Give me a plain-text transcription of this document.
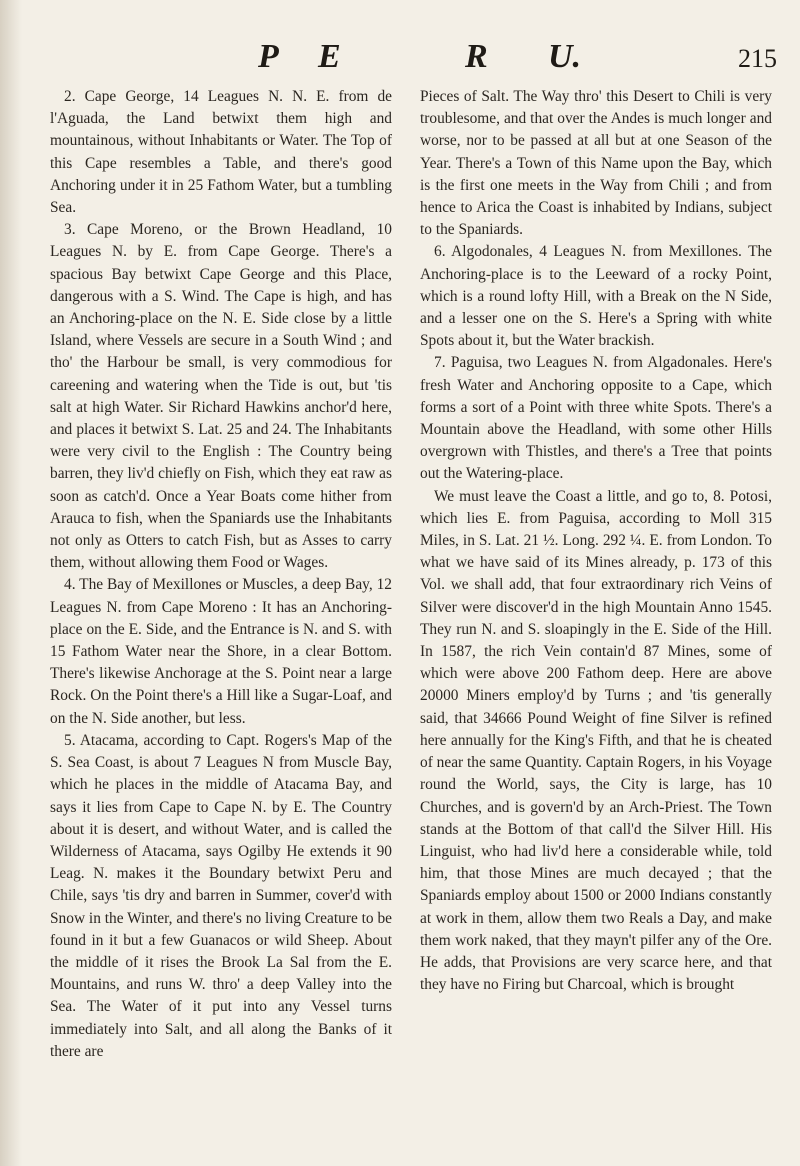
P E	R U.	215

2. Cape George, 14 Leagues N. N. E. from de l'Aguada, the Land betwixt them high and mountainous, without Inhabitants or Water. The Top of this Cape resembles a Table, and there's good Anchoring under it in 25 Fathom Water, but a tumbling Sea.

3. Cape Moreno, or the Brown Headland, 10 Leagues N. by E. from Cape George. There's a spacious Bay betwixt Cape George and this Place, dangerous with a S. Wind. The Cape is high, and has an Anchoring-place on the N. E. Side close by a little Island, where Vessels are secure in a South Wind ; and tho' the Harbour be small, is very commodious for careening and watering when the Tide is out, but 'tis salt at high Water. Sir Richard Hawkins anchor'd here, and places it betwixt S. Lat. 25 and 24. The Inhabitants were very civil to the English : The Country being barren, they liv'd chiefly on Fish, which they eat raw as soon as catch'd. Once a Year Boats come hither from Arauca to fish, when the Spaniards use the Inhabitants not only as Otters to catch Fish, but as Asses to carry them, without allowing them Food or Wages.

4. The Bay of Mexillones or Muscles, a deep Bay, 12 Leagues N. from Cape Moreno : It has an Anchoring-place on the E. Side, and the Entrance is N. and S. with 15 Fathom Water near the Shore, in a clear Bottom. There's likewise Anchorage at the S. Point near a large Rock. On the Point there's a Hill like a Sugar-Loaf, and on the N. Side another, but less.

5. Atacama, according to Capt. Rogers's Map of the S. Sea Coast, is about 7 Leagues N from Muscle Bay, which he places in the middle of Atacama Bay, and says it lies from Cape to Cape N. by E. The Country about it is desert, and without Water, and is called the Wilderness of Atacama, says Ogilby He extends it 90 Leag. N. makes it the Boundary betwixt Peru and Chile, says 'tis dry and barren in Summer, cover'd with Snow in the Winter, and there's no living Creature to be found in it but a few Guanacos or wild Sheep. About the middle of it rises the Brook La Sal from the E. Mountains, and runs W. thro' a deep Valley into the Sea. The Water of it put into any Vessel turns immediately into Salt, and all along the Banks of it there are

Pieces of Salt. The Way thro' this Desert to Chili is very troublesome, and that over the Andes is much longer and worse, nor to be passed at all but at one Season of the Year. There's a Town of this Name upon the Bay, which is the first one meets in the Way from Chili ; and from hence to Arica the Coast is inhabited by Indians, subject to the Spaniards.

6. Algodonales, 4 Leagues N. from Mexillones. The Anchoring-place is to the Leeward of a rocky Point, which is a round lofty Hill, with a Break on the N Side, and a lesser one on the S. Here's a Spring with white Spots about it, but the Water brackish.

7. Paguisa, two Leagues N. from Algadonales. Here's fresh Water and Anchoring opposite to a Cape, which forms a sort of a Point with three white Spots. There's a Mountain above the Headland, with some other Hills overgrown with Thistles, and there's a Tree that points out the Watering-place.

We must leave the Coast a little, and go to, 8. Potosi, which lies E. from Paguisa, according to Moll 315 Miles, in S. Lat. 21 ½. Long. 292 ¼. E. from London. To what we have said of its Mines already, p. 173 of this Vol. we shall add, that four extraordinary rich Veins of Silver were discover'd in the high Mountain Anno 1545. They run N. and S. sloapingly in the E. Side of the Hill. In 1587, the rich Vein contain'd 87 Mines, some of which were above 200 Fathom deep. Here are above 20000 Miners employ'd by Turns ; and 'tis generally said, that 34666 Pound Weight of fine Silver is refined here annually for the King's Fifth, and that he is cheated of near the same Quantity. Captain Rogers, in his Voyage round the World, says, the City is large, has 10 Churches, and is govern'd by an Arch-Priest. The Town stands at the Bottom of that call'd the Silver Hill. His Linguist, who had liv'd here a considerable while, told him, that those Mines are much decayed ; that the Spaniards employ about 1500 or 2000 Indians constantly at work in them, allow them two Reals a Day, and make them work naked, that they mayn't pilfer any of the Ore. He adds, that Provisions are very scarce here, and that they have no Firing but Charcoal, which is brought
